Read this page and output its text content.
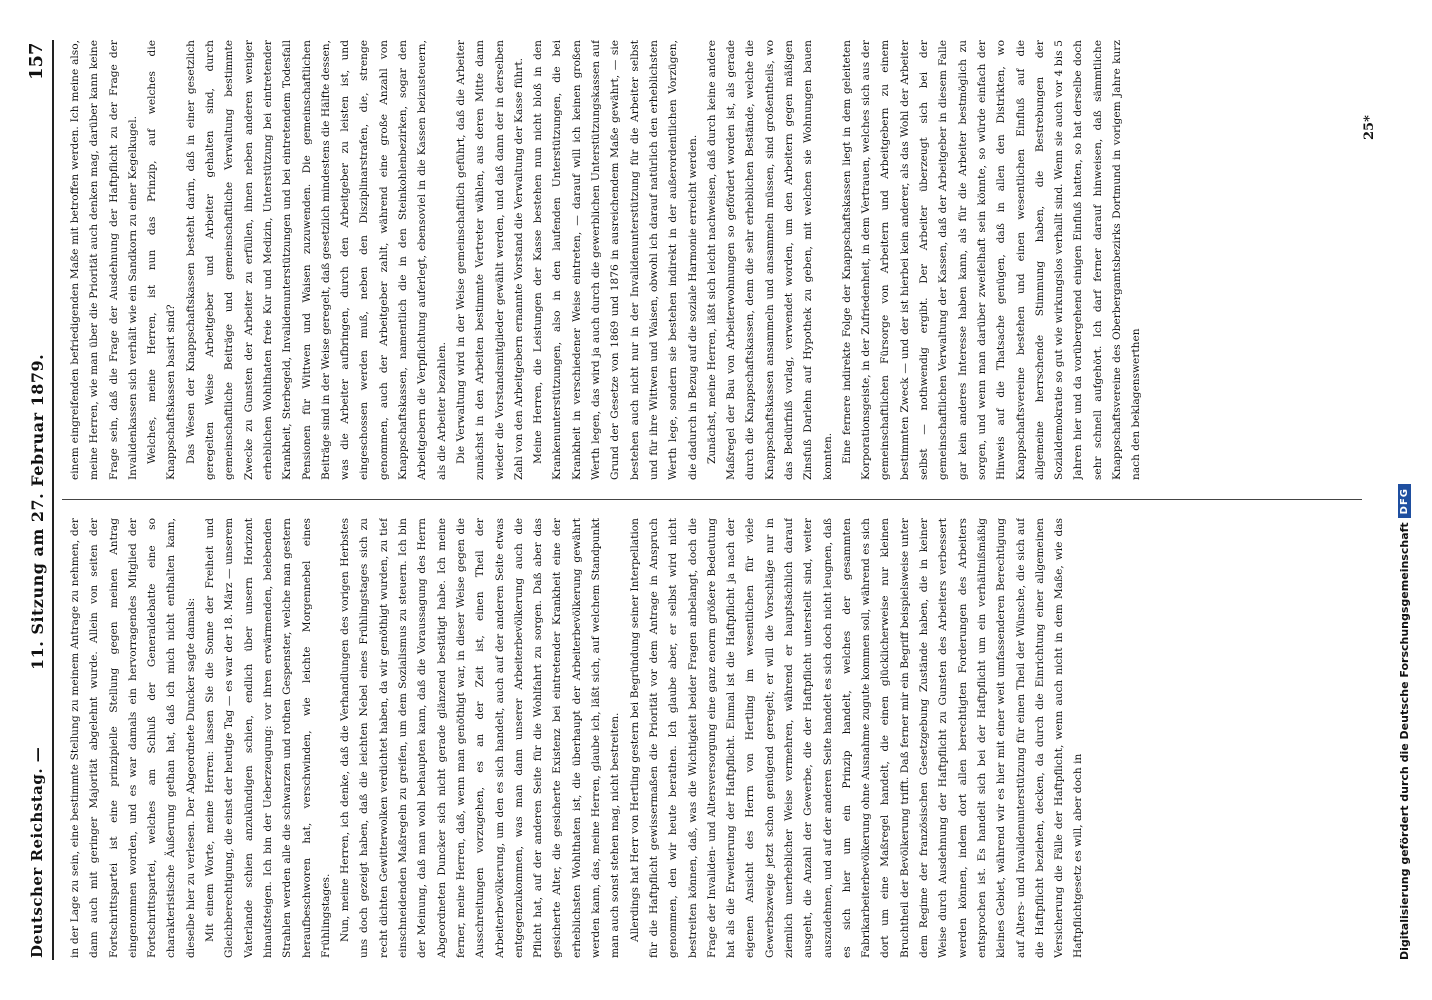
Deutscher Reichstag. —
11. Sitzung am 27. Februar 1879.
157

in der Lage zu sein, eine bestimmte Stellung zu meinem Antrage zu nehmen, der dann auch mit geringer Majorität abgelehnt wurde. Allein von seiten der Fortschrittspartei ist eine prinzipielle Stellung gegen meinen Antrag eingenommen worden, und es war damals ein hervorragendes Mitglied der Fortschrittspartei, welches am Schluß der Generaldebatte eine so charakteristische Äußerung gethan hat, daß ich mich nicht enthalten kann, dieselbe hier zu verlesen. Der Abgeordnete Duncker sagte damals: Mit einem Worte, meine Herren: lassen Sie die Sonne der Freiheit und Gleichberechtigung, die einst der heutige Tag — es war der 18. März — unserem Vaterlande schien anzukündigen schien, endlich über unsern Horizont hinaufsteigen. Ich bin der Ueberzeugung: vor ihren erwärmenden, belebenden Strahlen werden alle die schwarzen und rothen Gespenster, welche man gestern heraufbeschworen hat, verschwinden, wie leichte Morgennebel eines Frühlingstages. Nun, meine Herren, ich denke, daß die Verhandlungen des vorigen Herbstes uns doch gezeigt haben, daß die leichten Nebel eines Frühlingstages sich zu recht dichten Gewitterwolken verdichtet haben, da wir genöthigt wurden, zu tief einschneidenden Maßregeln zu greifen, um dem Sozialismus zu steuern. Ich bin der Meinung, daß man wohl behaupten kann, daß die Voraussagung des Herrn Abgeordneten Duncker sich nicht gerade glänzend bestätigt habe. Ich meine ferner, meine Herren, daß, wenn man genöthigt war, in dieser Weise gegen die Ausschreitungen vorzugehen, es an der Zeit ist, einen Theil der Arbeiterbevölkerung, um den es sich handelt, auch auf der anderen Seite etwas entgegenzukommen, was man dann unserer Arbeiterbevölkerung auch die Pflicht hat, auf der anderen Seite für die Wohlfahrt zu sorgen. Daß aber das gesicherte Alter, die gesicherte Existenz bei eintretender Krankheit eine der erheblichsten Wohlthaten ist, die überhaupt der Arbeiterbevölkerung gewährt werden kann, das, meine Herren, glaube ich, läßt sich, auf welchem Standpunkt man auch sonst stehen mag, nicht bestreiten. Allerdings hat Herr von Hertling gestern bei Begründung seiner Interpellation für die Haftpflicht gewissermaßen die Priorität vor dem Antrage in Anspruch genommen, den wir heute berathen. Ich glaube aber, er selbst wird nicht bestreiten können, daß, was die Wichtigkeit beider Fragen anbelangt, doch die Frage der Invaliden- und Altersversorgung eine ganz enorm größere Bedeutung hat als die Erweiterung der Haftpflicht. Einmal ist die Haftpflicht ja nach der eigenen Ansicht des Herrn von Hertling im wesentlichen für viele Gewerbszweige jetzt schon genügend geregelt; er will die Vorschläge nur in ziemlich unerheblicher Weise vermehren, während er hauptsächlich darauf ausgeht, die Anzahl der Gewerbe, die der Haftpflicht unterstellt sind, weiter auszudehnen, und auf der anderen Seite handelt es sich doch nicht leugnen, daß es sich hier um ein Prinzip handelt, welches der gesammten Fabrikarbeiterbevölkerung ohne Ausnahme zugute kommen soll, während es sich dort um eine Maßregel handelt, die einen glücklicherweise nur kleinen Bruchtheil der Bevölkerung trifft. Daß ferner mir ein Begriff beispielsweise unter dem Regime der französischen Gesetzgebung Zustände haben, die in keiner Weise durch Ausdehnung der Haftpflicht zu Gunsten des Arbeiters verbessert werden können, indem dort allen berechtigten Forderungen des Arbeiters entsprochen ist. Es handelt sich bei der Haftpflicht um ein verhältnißmäßig kleines Gebiet, während wir es hier mit einer weit umfassenderen Berechtigung auf Alters- und Invalidenunterstützung für einen Theil der Wünsche, die sich auf die Haftpflicht beziehen, decken, da durch die Einrichtung einer allgemeinen Versicherung die Fälle der Haftpflicht, wenn auch nicht in dem Maße, wie das Haftpflichtgesetz es will, aber doch in

einem eingreifenden befriedigenden Maße mit betroffen werden. Ich meine also, meine Herren, wie man über die Priorität auch denken mag, darüber kann keine Frage sein, daß die Frage der Ausdehnung der Haftpflicht zu der Frage der Invalidenkassen sich verhält wie ein Sandkorn zu einer Kegelkugel. Welches, meine Herren, ist nun das Prinzip, auf welches die Knappschaftskassen basirt sind? Das Wesen der Knappschaftskassen besteht darin, daß in einer gesetzlich geregelten Weise Arbeitgeber und Arbeiter gehalten sind, durch gemeinschaftliche Beiträge und gemeinschaftliche Verwaltung bestimmte Zwecke zu Gunsten der Arbeiter zu erfüllen, ihnen neben anderen weniger erheblichen Wohlthaten freie Kur und Medizin, Unterstützung bei eintretender Krankheit, Sterbegeld, Invalidenunterstützungen und bei eintretendem Todesfall Pensionen für Wittwen und Waisen zuzuwenden. Die gemeinschaftlichen Beiträge sind in der Weise geregelt, daß gesetzlich mindestens die Hälfte dessen, was die Arbeiter aufbringen, durch den Arbeitgeber zu leisten ist, und eingeschossen werden muß, neben den Disziplinarstrafen, die, strenge genommen, auch der Arbeitgeber zahlt, während eine große Anzahl von Knappschaftskassen, namentlich die in den Steinkohlenbezirken, sogar den Arbeitgebern die Verpflichtung auferlegt, ebensoviel in die Kassen beizusteuern, als die Arbeiter bezahlen. Die Verwaltung wird in der Weise gemeinschaftlich geführt, daß die Arbeiter zunächst in den Arbeiten bestimmte Vertreter wählen, aus deren Mitte dann wieder die Vorstandsmitglieder gewählt werden, und daß dann der in derselben Zahl von den Arbeitgebern ernannte Vorstand die Verwaltung der Kasse führt. Meine Herren, die Leistungen der Kasse bestehen nun nicht bloß in den Krankenunterstützungen, also in den laufenden Unterstützungen, die bei Krankheit in verschiedener Weise eintreten, — darauf will ich keinen großen Werth legen, das wird ja auch durch die gewerblichen Unterstützungskassen auf Grund der Gesetze von 1869 und 1876 in ausreichendem Maße gewährt, — sie bestehen auch nicht nur in der Invalidenunterstützung für die Arbeiter selbst und für ihre Wittwen und Waisen, obwohl ich darauf natürlich den erheblichsten Werth lege, sondern sie bestehen indirekt in der außerordentlichen Vorzügen, die dadurch in Bezug auf die soziale Harmonie erreicht werden. Zunächst, meine Herren, läßt sich leicht nachweisen, daß durch keine andere Maßregel der Bau von Arbeiterwohnungen so gefördert worden ist, als gerade durch die Knappschaftskassen, denn die sehr erheblichen Bestände, welche die Knappschaftskassen ansammeln und ansammeln müssen, sind großentheils, wo das Bedürfniß vorlag, verwendet worden, um den Arbeitern gegen mäßigen Zinsfuß Darlehn auf Hypothek zu geben, mit welchen sie Wohnungen bauen konnten. Eine fernere indirekte Folge der Knappschaftskassen liegt in dem geleiteten Korporationsgeiste, in der Zufriedenheit, in dem Vertrauen, welches sich aus der gemeinschaftlichen Fürsorge von Arbeitern und Arbeitgebern zu einem bestimmten Zweck — und der ist hierbei kein anderer, als das Wohl der Arbeiter selbst — nothwendig ergibt. Der Arbeiter überzeugt sich bei der gemeinschaftlichen Verwaltung der Kassen, daß der Arbeitgeber in diesem Falle gar kein anderes Interesse haben kann, als für die Arbeiter bestmöglich zu sorgen, und wenn man darüber zweifelhaft sein könnte, so würde einfach der Hinweis auf die Thatsache genügen, daß in allen den Distrikten, wo Knappschaftsvereine bestehen und einen wesentlichen Einfluß auf die allgemeine herrschende Stimmung haben, die Bestrebungen der Sozialdemokratie so gut wie wirkungslos verhallt sind. Wenn sie auch vor 4 bis 5 Jahren hier und da vorübergehend einigen Einfluß hatten, so hat derselbe doch sehr schnell aufgehört. Ich darf ferner darauf hinweisen, daß sämmtliche Knappschaftsvereine des Oberbergamtsbezirks Dortmund in vorigem Jahre kurz nach den beklagenswerthen

25*
Digitalisierung gefördert durch die Deutsche Forschungsgemeinschaft
DFG
